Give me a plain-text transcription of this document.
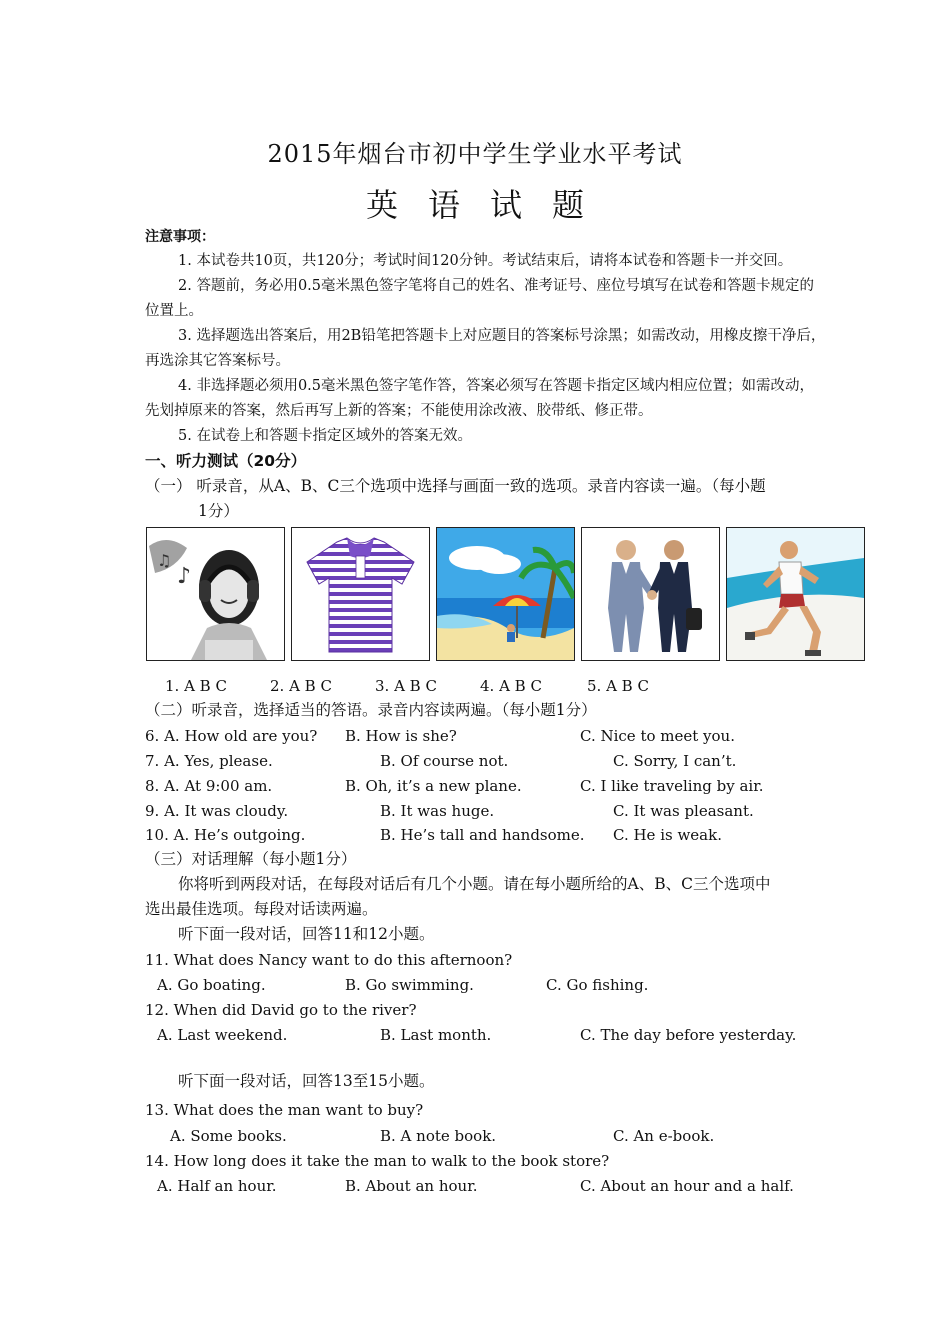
2015年烟台市初中学生学业水平考试
英语试题
注意事项：
1. 本试卷共10页，共120分；考试时间120分钟。考试结束后，请将本试卷和答题卡一并交回。
2. 答题前，务必用0.5毫米黑色签字笔将自己的姓名、准考证号、座位号填写在试卷和答题卡规定的
位置上。
3. 选择题选出答案后，用2B铅笔把答题卡上对应题目的答案标号涂黑；如需改动，用橡皮擦干净后，
再选涂其它答案标号。
4. 非选择题必须用0.5毫米黑色签字笔作答，答案必须写在答题卡指定区域内相应位置；如需改动，
先划掉原来的答案，然后再写上新的答案；不能使用涂改液、胶带纸、修正带。
5. 在试卷上和答题卡指定区域外的答案无效。
一、听力测试（20分）
（一） 听录音，从A、B、C三个选项中选择与画面一致的选项。录音内容读一遍。（每小题
1分）
♪
♫
1. A B C	2. A B C	3. A B C	4. A B C	5. A B C
（二）听录音，选择适当的答语。录音内容读两遍。（每小题1分）
6. A. How old are you? B. How is she?	C. Nice to meet you.
7. A. Yes, please.	B. Of course not.	C. Sorry, I can’t.
8. A. At 9:00 am.	B. Oh, it’s a new plane.	C. I like traveling by air.
9. A. It was cloudy.	B. It was huge.	C. It was pleasant.
10. A. He’s outgoing.	B. He’s tall and handsome. C. He is weak.
（三）对话理解（每小题1分）
你将听到两段对话，在每段对话后有几个小题。请在每小题所给的A、B、C三个选项中
选出最佳选项。每段对话读两遍。
听下面一段对话，回答11和12小题。
11. What does Nancy want to do this afternoon?
A. Go boating.	B. Go swimming.	C. Go fishing.
12. When did David go to the river?
A. Last weekend.	B. Last month.	C. The day before yesterday.
听下面一段对话，回答13至15小题。
13. What does the man want to buy?
A. Some books.	B. A note book.	C. An e-book.
14. How long does it take the man to walk to the book store?
A. Half an hour.	B. About an hour.	C. About an hour and a half.
